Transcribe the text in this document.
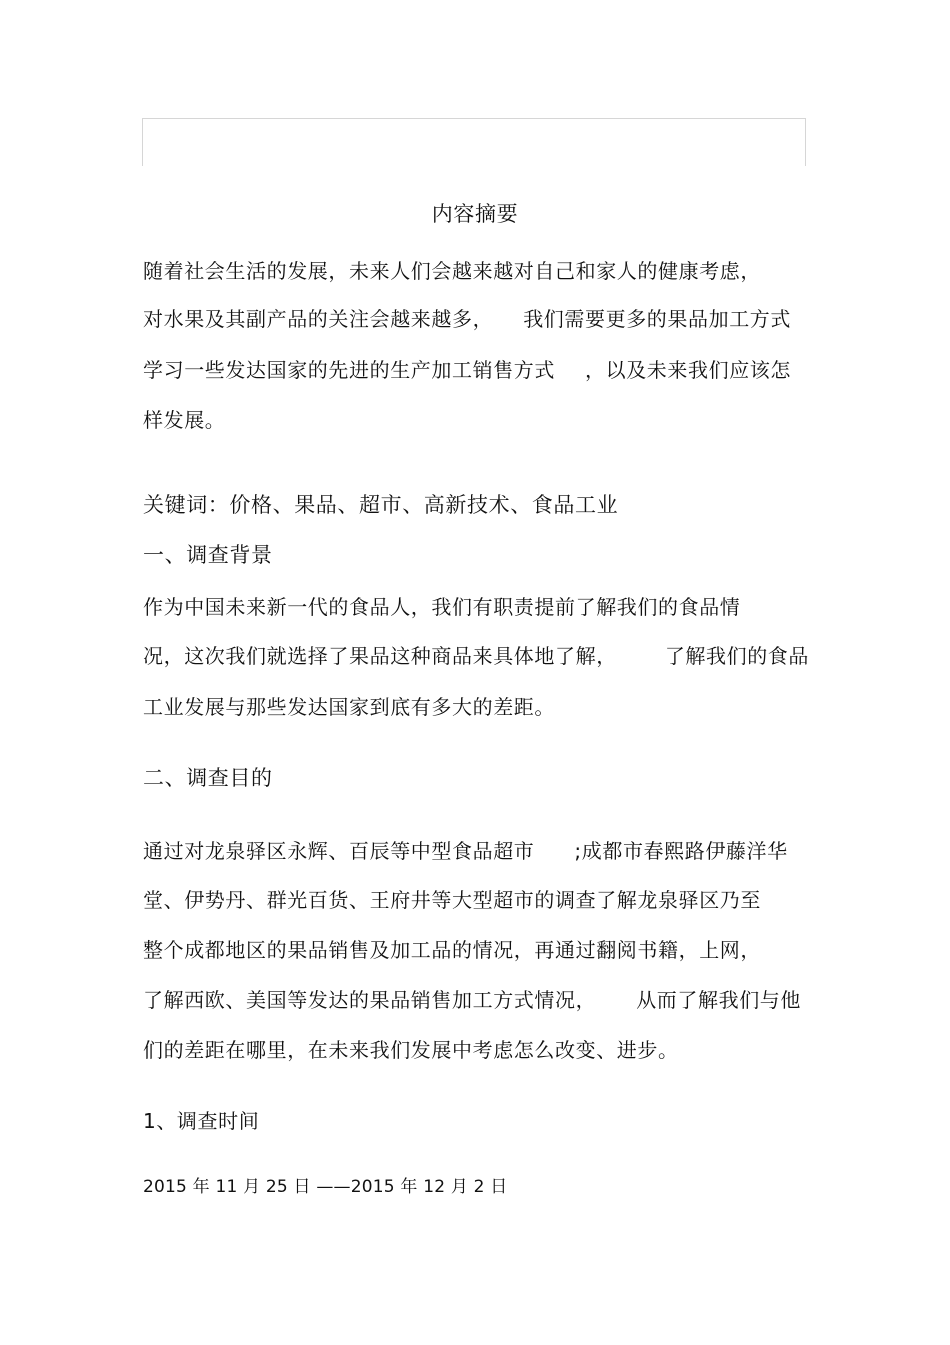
内容摘要
随着社会生活的发展，未来人们会越来越对自己和家人的健康考虑，
对水果及其副产品的关注会越来越多， 我们需要更多的果品加工方式
学习一些发达国家的先进的生产加工销售方式 ，以及未来我们应该怎
样发展。
关键词：价格、果品、超市、高新技术、食品工业
一、调查背景
作为中国未来新一代的食品人，我们有职责提前了解我们的食品情
况，这次我们就选择了果品这种商品来具体地了解， 了解我们的食品
工业发展与那些发达国家到底有多大的差距。
二、调查目的
通过对龙泉驿区永辉、百辰等中型食品超市 ;成都市春熙路伊藤洋华
堂、伊势丹、群光百货、王府井等大型超市的调查了解龙泉驿区乃至
整个成都地区的果品销售及加工品的情况，再通过翻阅书籍，上网，
了解西欧、美国等发达的果品销售加工方式情况， 从而了解我们与他
们的差距在哪里，在未来我们发展中考虑怎么改变、进步。
1、调查时间
2015 年 11 月 25 日 ——2015 年 12 月 2 日
